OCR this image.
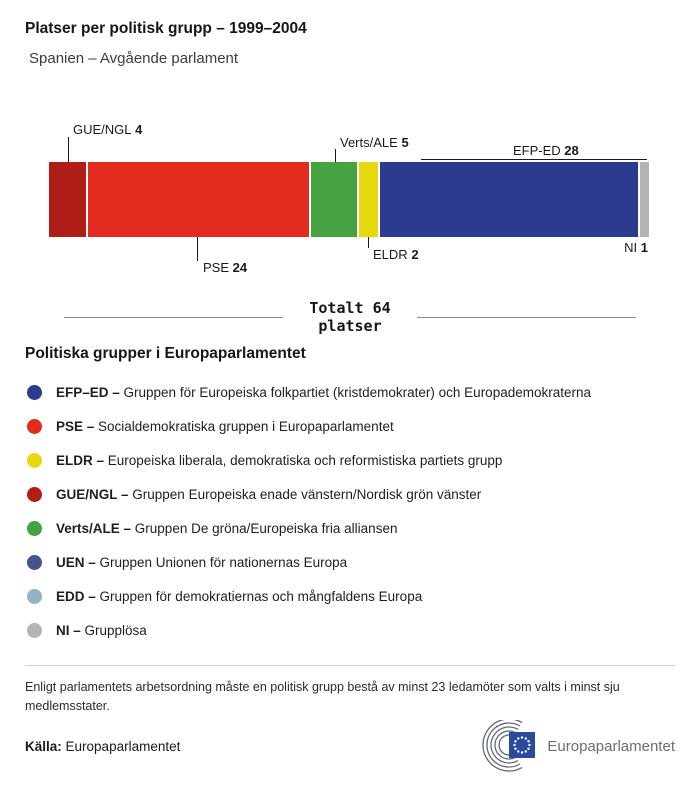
Platser per politisk grupp – 1999–2004
Spanien – Avgående parlament
GUE/NGL 4
Verts/ALE 5
EFP-ED 28
PSE 24
ELDR 2	NI 1
Totalt 64
platser
Politiska grupper i Europaparlamentet
EFP–ED – Gruppen för Europeiska folkpartiet (kristdemokrater) och Europademokraterna
PSE – Socialdemokratiska gruppen i Europaparlamentet
ELDR – Europeiska liberala, demokratiska och reformistiska partiets grupp
GUE/NGL – Gruppen Europeiska enade vänstern/Nordisk grön vänster
Verts/ALE – Gruppen De gröna/Europeiska fria alliansen
UEN – Gruppen Unionen för nationernas Europa
EDD – Gruppen för demokratiernas och mångfaldens Europa
NI – Grupplösa

Enligt parlamentets arbetsordning måste en politisk grupp bestå av minst 23 ledamöter som valts i minst sju medlemsstater.

Källa: Europaparlamentet	Europaparlamentet
